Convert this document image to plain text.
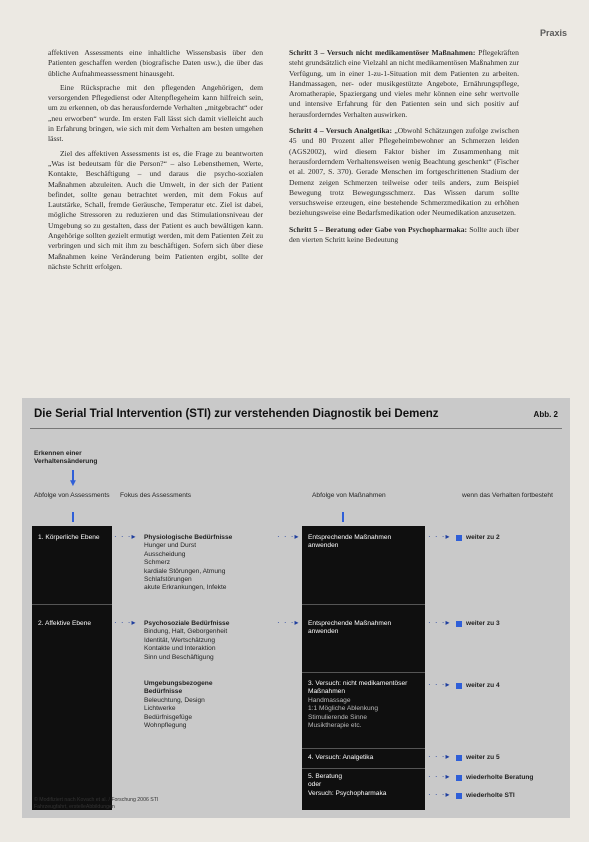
Praxis

affektiven Assessments eine inhaltliche Wissensbasis über den Patienten geschaffen werden (biografische Daten usw.), die über das übliche Aufnahmeassessment hinausgeht.

Eine Rücksprache mit den pflegenden Angehörigen, dem versorgenden Pflegedienst oder Altenpflegeheim kann hilfreich sein, um zu erkennen, ob das herausfordernde Verhalten „mitgebracht“ oder „neu erworben“ wurde. Im ersten Fall lässt sich damit vielleicht auch in Erfahrung bringen, wie sich mit dem Verhalten am besten umgehen lässt.

Ziel des affektiven Assessments ist es, die Frage zu beantworten „Was ist bedeutsam für die Person?“ – also Lebensthemen, Werte, Kontakte, Beschäftigung – und daraus die psycho-sozialen Maßnahmen abzuleiten. Auch die Umwelt, in der sich der Patient befindet, sollte genau betrachtet werden, mit dem Fokus auf Lautstärke, Schall, fremde Geräusche, Temperatur etc. Ziel ist dabei, mögliche Stressoren zu reduzieren und das Stimulationsniveau der Umgebung so zu gestalten, dass der Patient es auch bewältigen kann. Angehörige sollten gezielt ermutigt werden, mit dem Patienten Zeit zu verbringen und sich mit ihm zu beschäftigen. Sofern sich über diese Maßnahmen keine Veränderung beim Patienten ergibt, sollte der nächste Schritt erfolgen.

Schritt 3 – Versuch nicht medikamentöser Maßnahmen: Pflegekräften steht grundsätzlich eine Vielzahl an nicht medikamentösen Maßnahmen zur Verfügung, um in einer 1-zu-1-Situation mit dem Patienten zu arbeiten. Handmassagen, ner- oder musikgestützte Angebote, Ernährungspflege, Aromatherapie, Spaziergang und vieles mehr können eine sehr wertvolle und intensive Erfahrung für den Patienten sein und sich positiv auf herausforderndes Verhalten auswirken.

Schritt 4 – Versuch Analgetika: „Obwohl Schätzungen zufolge zwischen 45 und 80 Prozent aller Pflegeheimbewohner an Schmerzen leiden (AGS2002), wird diesem Faktor bisher im Zusammenhang mit herausforderndem Verhaltensweisen wenig Beachtung geschenkt“ (Fischer et al. 2007, S. 370). Gerade Menschen im fortgeschrittenen Stadium der Demenz zeigen Schmerzen teilweise oder teils anders, zum Beispiel Bewegung trotz Bewegungsschmerz. Das Wissen darum sollte versuchsweise erzeugen, eine bestehende Schmerzmedikation zu erhöhen beziehungsweise eine Bedarfsmedikation oder Neumedikation anzusetzen.

Schritt 5 – Beratung oder Gabe von Psychopharmaka: Sollte auch über den vierten Schritt keine Bedeutung

Die Serial Trial Intervention (STI) zur verstehenden Diagnostik bei Demenz	Abb. 2
Erkennen einer Verhaltensänderung
▼
Abfolge von Assessments	Fokus des Assessments	Abfolge von Maßnahmen	wenn das Verhalten fortbesteht
1. Körperliche Ebene	· · ·▸ Physiologische Bedürfnisse
Hunger und Durst
Ausscheidung
Schmerz
kardiale Störungen, Atmung
Schlafstörungen
akute Erkrankungen, Infekte
· · ·▸ Entsprechende Maßnahmen anwenden
· · ·▸ weiter zu 2
2. Affektive Ebene	· · ·▸ Psychosoziale Bedürfnisse
Bindung, Halt, Geborgenheit
Identität, Wertschätzung
Kontakte und Interaktion
Sinn und Beschäftigung
· · ·▸ Entsprechende Maßnahmen anwenden
· · ·▸ weiter zu 3
Umgebungsbezogene Bedürfnisse
Beleuchtung, Design
Lichtwerke
Bedürfnisgefüge
Wohnpflegung
3. Versuch: nicht medikamentöser Maßnahmen
Handmassage
1:1 Mögliche Ablenkung
Stimulierende Sinne
Musiktherapie etc.
· · ·▸ weiter zu 4
4. Versuch: Analgetika	· · ·▸ weiter zu 5
5. Beratung
oder
Versuch: Psychopharmaka
· · ·▸ wiederholte Beratung
· · ·▸ wiederholte STI
© Modifiziert nach Kovach et al. / Forschung 2006 STI
Fahrzeugfahrt, erstelleAbbildungen
